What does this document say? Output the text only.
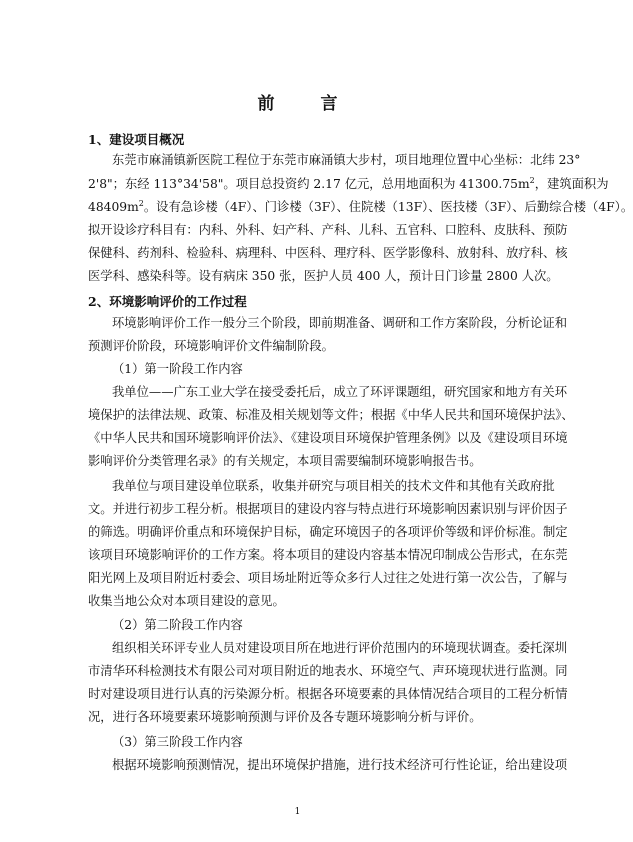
前 言
1、建设项目概况
东莞市麻涌镇新医院工程位于东莞市麻涌镇大步村，项目地理位置中心坐标：北纬 23°
2'8"；东经 113°34'58"。项目总投资约 2.17 亿元，总用地面积为 $41300.75m^2$，建筑面积为
$48409m^2$。设有急诊楼（4F）、门诊楼（3F）、住院楼（13F）、医技楼（3F）、后勤综合楼（4F）。
拟开设诊疗科目有：内科、外科、妇产科、产科、儿科、五官科、口腔科、皮肤科、预防
保健科、药剂科、检验科、病理科、中医科、理疗科、医学影像科、放射科、放疗科、核
医学科、感染科等。设有病床 350 张，医护人员 400 人，预计日门诊量 2800 人次。
2、环境影响评价的工作过程
环境影响评价工作一般分三个阶段，即前期准备、调研和工作方案阶段，分析论证和
预测评价阶段，环境影响评价文件编制阶段。
（1）第一阶段工作内容
我单位——广东工业大学在接受委托后，成立了环评课题组，研究国家和地方有关环
境保护的法律法规、政策、标准及相关规划等文件；根据《中华人民共和国环境保护法》、
《中华人民共和国环境影响评价法》、《建设项目环境保护管理条例》以及《建设项目环境
影响评价分类管理名录》的有关规定，本项目需要编制环境影响报告书。
我单位与项目建设单位联系，收集并研究与项目相关的技术文件和其他有关政府批
文。并进行初步工程分析。根据项目的建设内容与特点进行环境影响因素识别与评价因子
的筛选。明确评价重点和环境保护目标，确定环境因子的各项评价等级和评价标准。制定
该项目环境影响评价的工作方案。将本项目的建设内容基本情况印制成公告形式，在东莞
阳光网上及项目附近村委会、项目场址附近等众多行人过往之处进行第一次公告，了解与
收集当地公众对本项目建设的意见。
（2）第二阶段工作内容
组织相关环评专业人员对建设项目所在地进行评价范围内的环境现状调查。委托深圳
市清华环科检测技术有限公司对项目附近的地表水、环境空气、声环境现状进行监测。同
时对建设项目进行认真的污染源分析。根据各环境要素的具体情况结合项目的工程分析情
况，进行各环境要素环境影响预测与评价及各专题环境影响分析与评价。
（3）第三阶段工作内容
根据环境影响预测情况，提出环境保护措施，进行技术经济可行性论证，给出建设项
1
